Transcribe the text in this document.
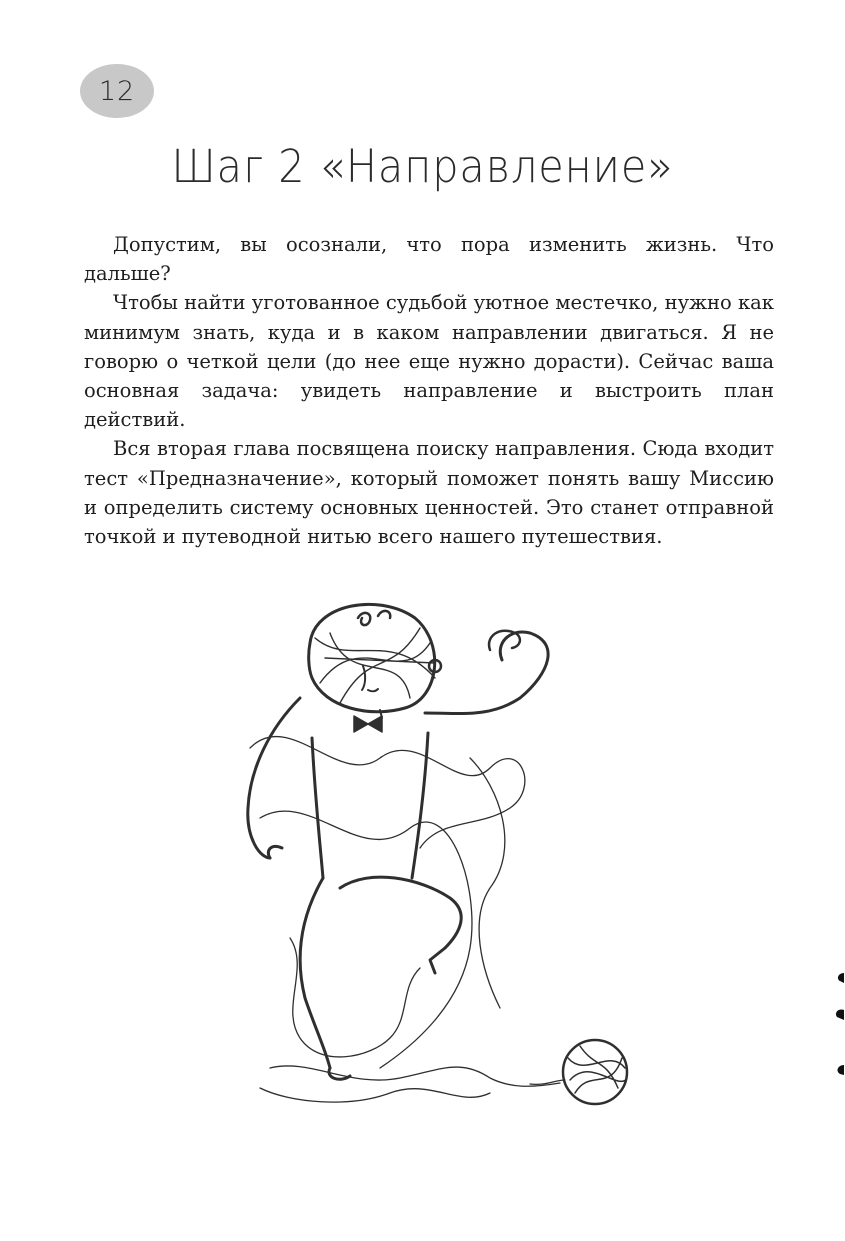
12
Шаг 2 «Направление»

Допустим, вы осознали, что пора изменить жизнь. Что дальше?

Чтобы найти уготованное судьбой уютное местечко, нужно как минимум знать, куда и в каком направлении двигаться. Я не говорю о четкой цели (до нее еще нужно дорасти). Сейчас ваша основная задача: увидеть направление и выстроить план действий.

Вся вторая глава посвящена поиску направления. Сюда входит тест «Предназначение», который поможет понять вашу Миссию и определить систему основных ценностей. Это станет отправной точкой и путеводной нитью всего нашего путешествия.
